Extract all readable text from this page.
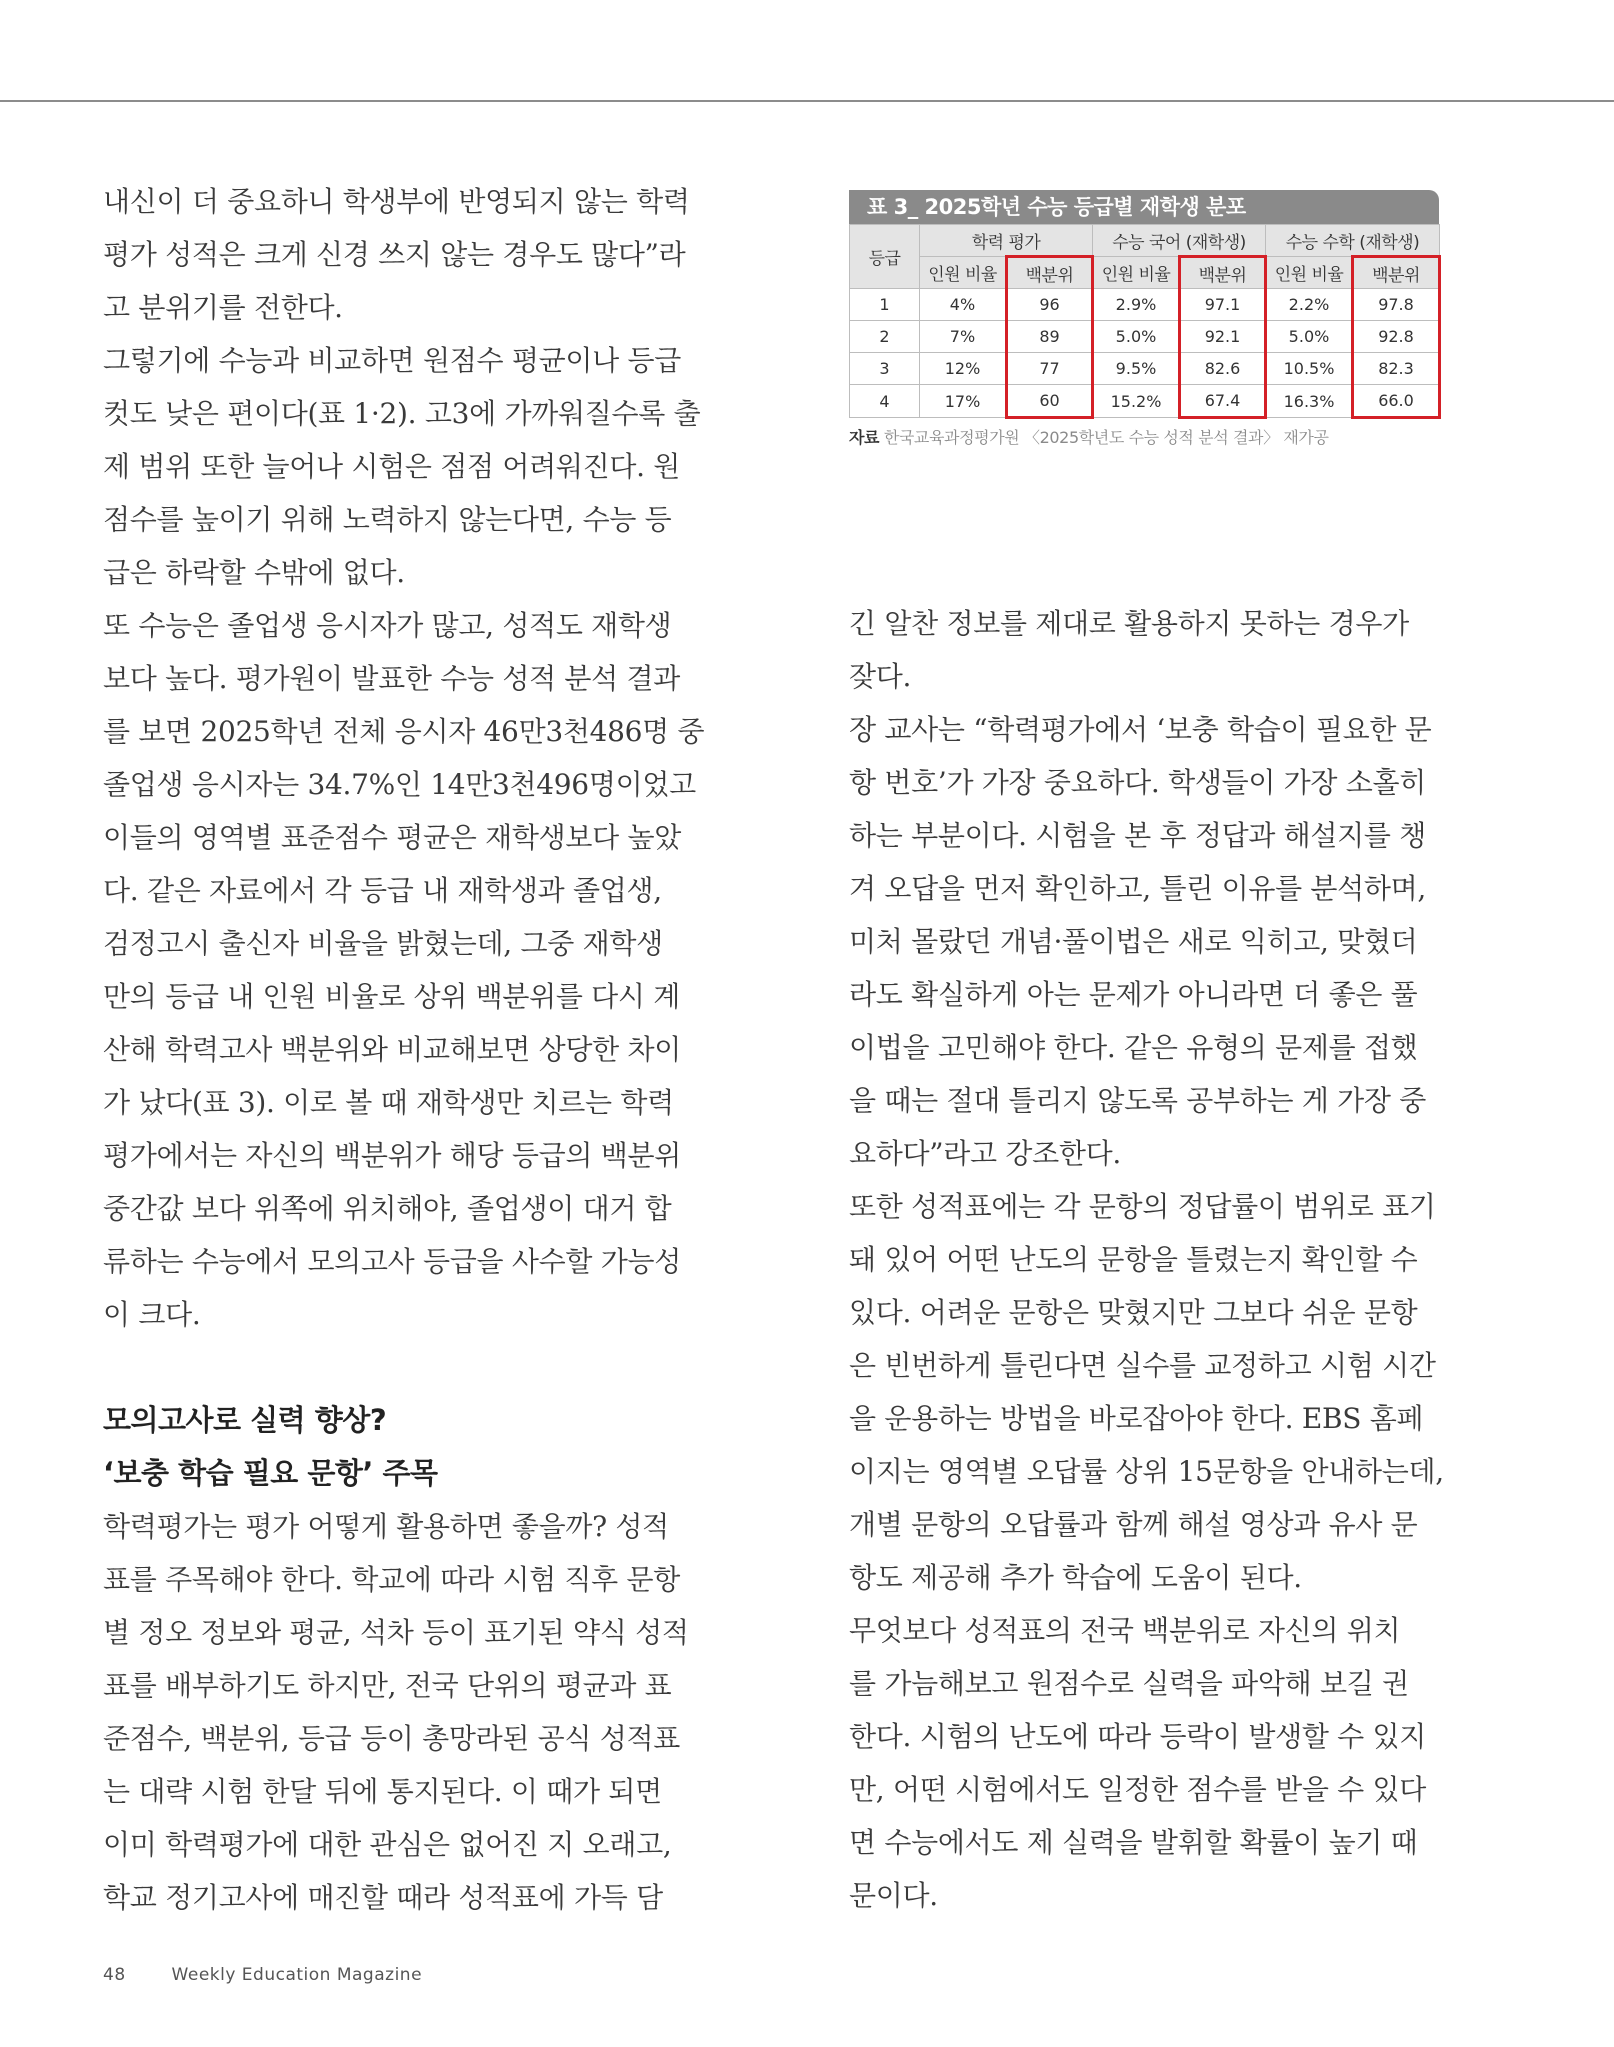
내신이 더 중요하니 학생부에 반영되지 않는 학력

평가 성적은 크게 신경 쓰지 않는 경우도 많다”라

고 분위기를 전한다.

그렇기에 수능과 비교하면 원점수 평균이나 등급

컷도 낮은 편이다(표 1·2). 고3에 가까워질수록 출

제 범위 또한 늘어나 시험은 점점 어려워진다. 원

점수를 높이기 위해 노력하지 않는다면, 수능 등

급은 하락할 수밖에 없다.

또 수능은 졸업생 응시자가 많고, 성적도 재학생

보다 높다. 평가원이 발표한 수능 성적 분석 결과

를 보면 2025학년 전체 응시자 46만3천486명 중

졸업생 응시자는 34.7%인 14만3천496명이었고

이들의 영역별 표준점수 평균은 재학생보다 높았

다. 같은 자료에서 각 등급 내 재학생과 졸업생,

검정고시 출신자 비율을 밝혔는데, 그중 재학생

만의 등급 내 인원 비율로 상위 백분위를 다시 계

산해 학력고사 백분위와 비교해보면 상당한 차이

가 났다(표 3). 이로 볼 때 재학생만 치르는 학력

평가에서는 자신의 백분위가 해당 등급의 백분위

중간값 보다 위쪽에 위치해야, 졸업생이 대거 합

류하는 수능에서 모의고사 등급을 사수할 가능성

이 크다.

모의고사로 실력 향상?

‘보충 학습 필요 문항’ 주목

학력평가는 평가 어떻게 활용하면 좋을까? 성적

표를 주목해야 한다. 학교에 따라 시험 직후 문항

별 정오 정보와 평균, 석차 등이 표기된 약식 성적

표를 배부하기도 하지만, 전국 단위의 평균과 표

준점수, 백분위, 등급 등이 총망라된 공식 성적표

는 대략 시험 한달 뒤에 통지된다. 이 때가 되면

이미 학력평가에 대한 관심은 없어진 지 오래고,

학교 정기고사에 매진할 때라 성적표에 가득 담

표 3_ 2025학년 수능 등급별 재학생 분포
등급	학력 평가		수능 국어 (재학생)		수능 수학 (재학생)	
	인원 비율	백분위	인원 비율	백분위	인원 비율	백분위
1	4%	96	2.9%	97.1	2.2%	97.8
2	7%	89	5.0%	92.1	5.0%	92.8
3	12%	77	9.5%	82.6	10.5%	82.3
4	17%	60	15.2%	67.4	16.3%	66.0
자료 한국교육과정평가원 〈2025학년도 수능 성적 분석 결과〉 재가공

긴 알찬 정보를 제대로 활용하지 못하는 경우가

잦다.

장 교사는 “학력평가에서 ‘보충 학습이 필요한 문

항 번호’가 가장 중요하다. 학생들이 가장 소홀히

하는 부분이다. 시험을 본 후 정답과 해설지를 챙

겨 오답을 먼저 확인하고, 틀린 이유를 분석하며,

미처 몰랐던 개념·풀이법은 새로 익히고, 맞혔더

라도 확실하게 아는 문제가 아니라면 더 좋은 풀

이법을 고민해야 한다. 같은 유형의 문제를 접했

을 때는 절대 틀리지 않도록 공부하는 게 가장 중

요하다”라고 강조한다.

또한 성적표에는 각 문항의 정답률이 범위로 표기

돼 있어 어떤 난도의 문항을 틀렸는지 확인할 수

있다. 어려운 문항은 맞혔지만 그보다 쉬운 문항

은 빈번하게 틀린다면 실수를 교정하고 시험 시간

을 운용하는 방법을 바로잡아야 한다. EBS 홈페

이지는 영역별 오답률 상위 15문항을 안내하는데,

개별 문항의 오답률과 함께 해설 영상과 유사 문

항도 제공해 추가 학습에 도움이 된다.

무엇보다 성적표의 전국 백분위로 자신의 위치

를 가늠해보고 원점수로 실력을 파악해 보길 권

한다. 시험의 난도에 따라 등락이 발생할 수 있지

만, 어떤 시험에서도 일정한 점수를 받을 수 있다

면 수능에서도 제 실력을 발휘할 확률이 높기 때

문이다.

48	Weekly Education Magazine
